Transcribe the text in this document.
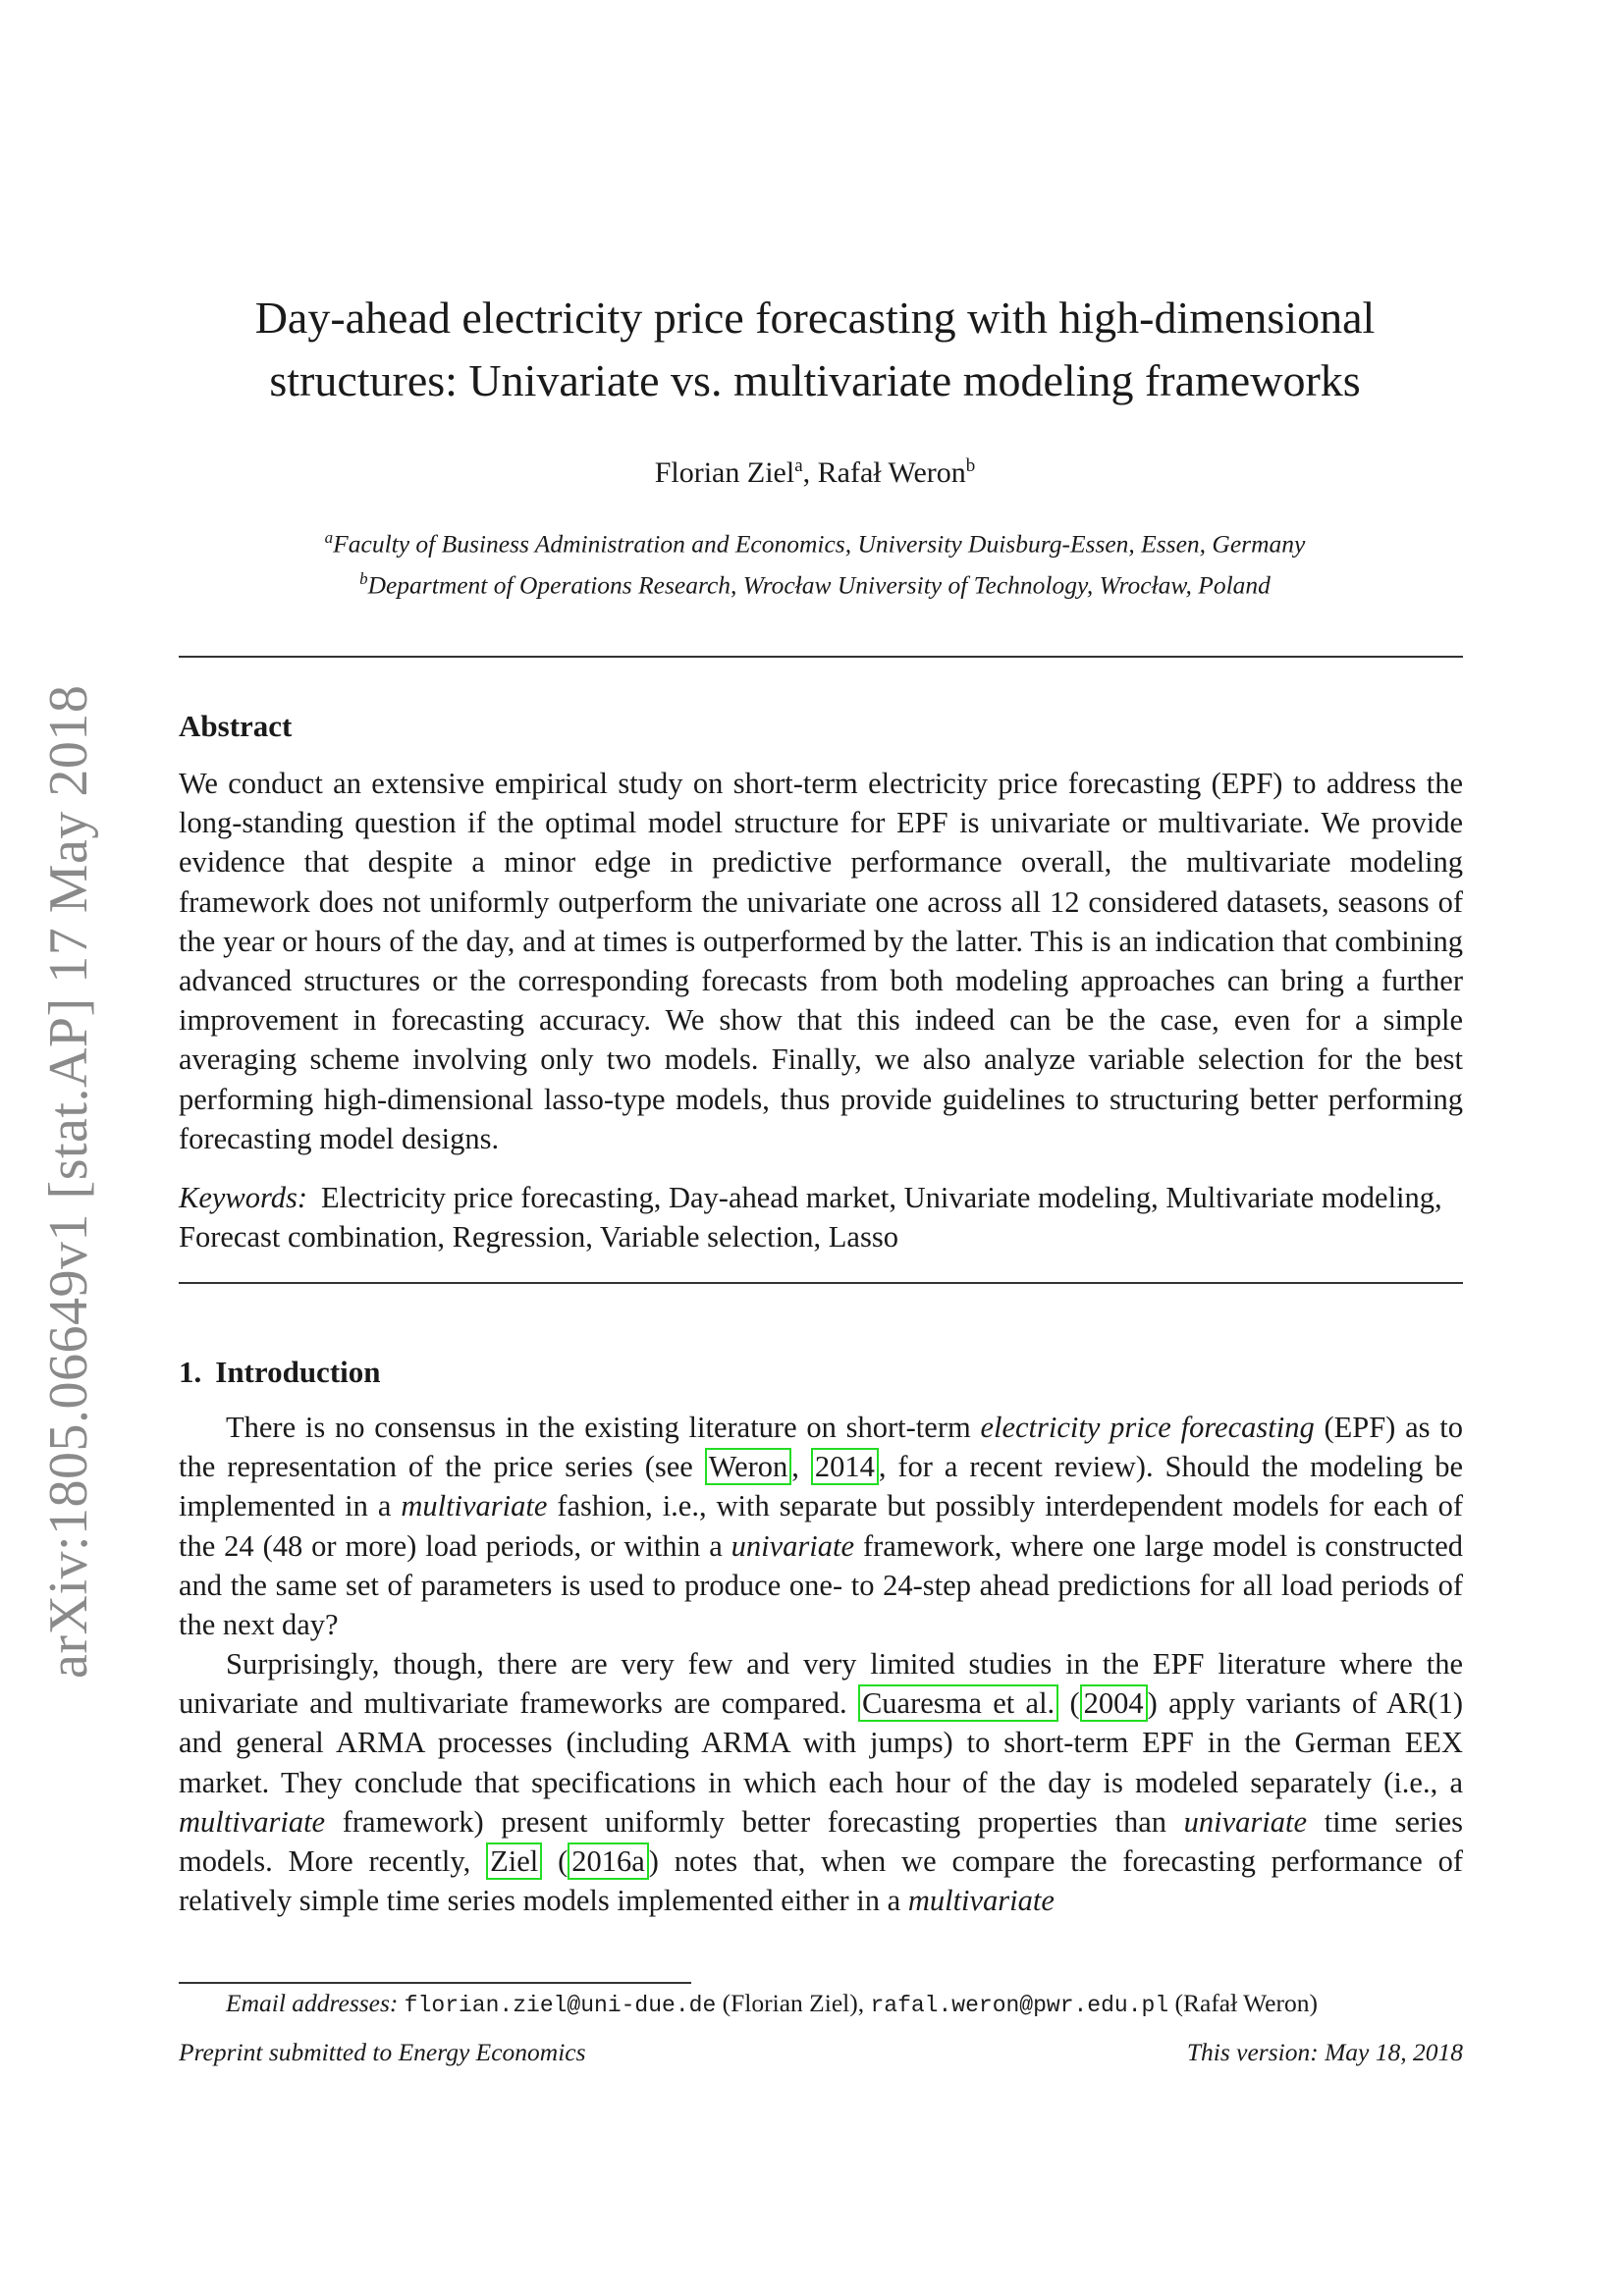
arXiv:1805.06649v1 [stat.AP] 17 May 2018
Day-ahead electricity price forecasting with high-dimensional
structures: Univariate vs. multivariate modeling frameworks
Florian Ziel$^a$, Rafał Weron$^b$
$^a$Faculty of Business Administration and Economics, University Duisburg-Essen, Essen, Germany
$^b$Department of Operations Research, Wrocław University of Technology, Wrocław, Poland
Abstract
We conduct an extensive empirical study on short-term electricity price forecasting (EPF) to address the long-standing question if the optimal model structure for EPF is univariate or multivariate. We provide evidence that despite a minor edge in predictive performance overall, the multivariate modeling framework does not uniformly outperform the univariate one across all 12 considered datasets, seasons of the year or hours of the day, and at times is outperformed by the latter. This is an indication that combining advanced structures or the corresponding forecasts from both modeling approaches can bring a further improvement in forecasting accuracy. We show that this indeed can be the case, even for a simple averaging scheme involving only two models. Finally, we also analyze variable selection for the best performing high-dimensional lasso-type models, thus provide guidelines to structuring better performing forecasting model designs.
Keywords: Electricity price forecasting, Day-ahead market, Univariate modeling, Multivariate modeling, Forecast combination, Regression, Variable selection, Lasso
1. Introduction
There is no consensus in the existing literature on short-term electricity price forecasting (EPF) as to the representation of the price series (see Weron , 2014 , for a recent review). Should the modeling be implemented in a multivariate fashion, i.e., with separate but possibly interdependent models for each of the 24 (48 or more) load periods, or within a univariate framework, where one large model is constructed and the same set of parameters is used to produce one- to 24-step ahead predictions for all load periods of the next day?
Surprisingly, though, there are very few and very limited studies in the EPF literature where the univariate and multivariate frameworks are compared. Cuaresma et al. ( 2004 ) apply variants of AR(1) and general ARMA processes (including ARMA with jumps) to short-term EPF in the German EEX market. They conclude that specifications in which each hour of the day is modeled separately (i.e., a multivariate framework) present uniformly better forecasting properties than univariate time series models. More recently, Ziel ( 2016a ) notes that, when we compare the forecasting performance of relatively simple time series models implemented either in a multivariate
Email addresses: florian.ziel@uni-due.de (Florian Ziel), rafal.weron@pwr.edu.pl (Rafał Weron)
Preprint submitted to Energy Economics	This version: May 18, 2018
